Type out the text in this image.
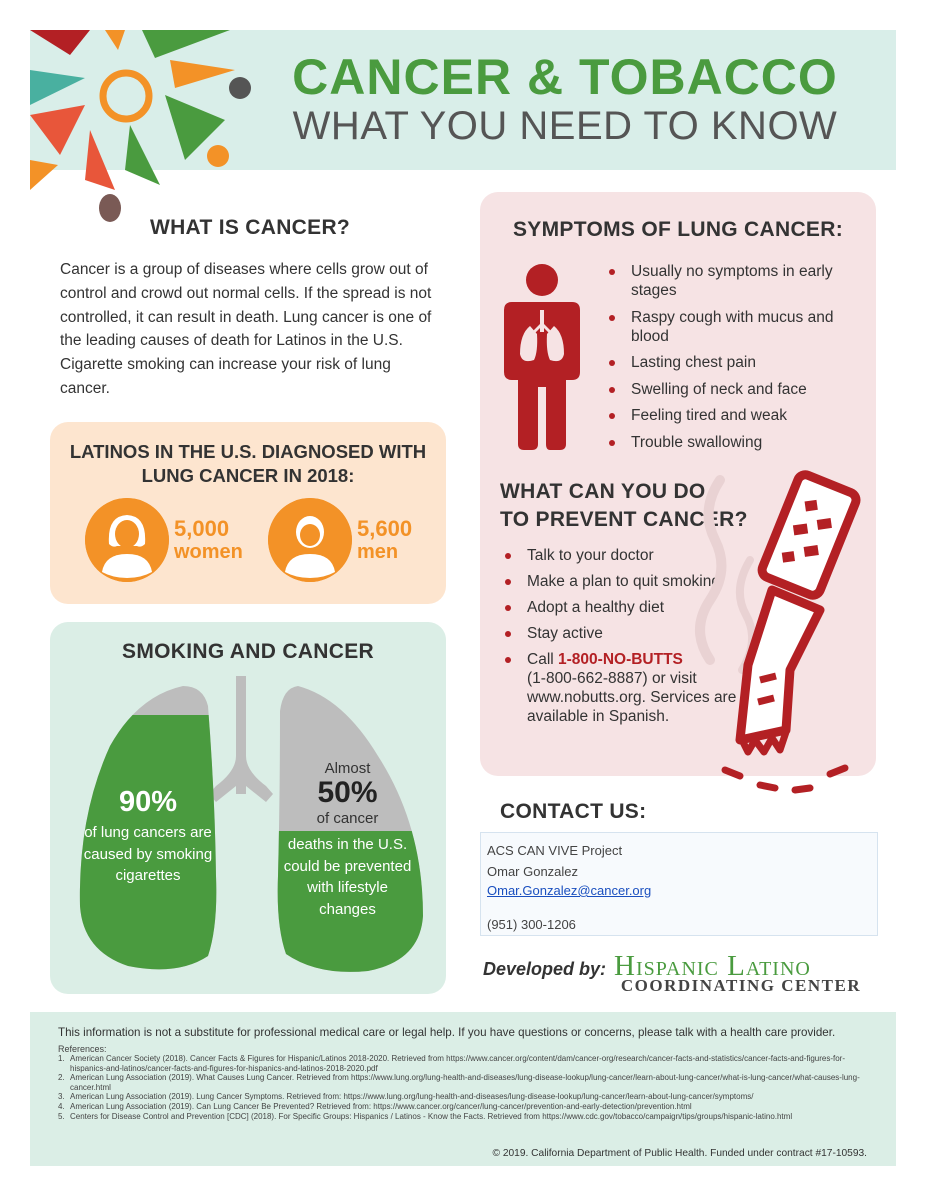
CANCER & TOBACCO
WHAT YOU NEED TO KNOW
WHAT IS CANCER?
Cancer is a group of diseases where cells grow out of control and crowd out normal cells. If the spread is not controlled, it can result in death. Lung cancer is one of the leading causes of death for Latinos in the U.S. Cigarette smoking can increase your risk of lung cancer.
LATINOS IN THE U.S. DIAGNOSED WITH LUNG CANCER IN 2018:
5,000
women
5,600
men
SMOKING AND CANCER
90%
of lung cancers are caused by smoking cigarettes
Almost
50%
of cancer
deaths in the U.S. could be prevented with lifestyle changes
SYMPTOMS OF LUNG CANCER:
Usually no symptoms in early stages
Raspy cough with mucus and blood
Lasting chest pain
Swelling of neck and face
Feeling tired and weak
Trouble swallowing
WHAT CAN YOU DO
TO PREVENT CANCER?
Talk to your doctor
Make a plan to quit smoking
Adopt a healthy diet
Stay active
Call 1-800-NO-BUTTS
(1-800-662-8887) or visit www.nobutts.org. Services are available in Spanish.
CONTACT US:
ACS CAN VIVE Project
Omar Gonzalez
Omar.Gonzalez@cancer.org
(951) 300-1206
Developed by: Hispanic Latino
COORDINATING CENTER
This information is not a substitute for professional medical care or legal help. If you have questions or concerns, please talk with a health care provider.
References:
1. American Cancer Society (2018). Cancer Facts & Figures for Hispanic/Latinos 2018-2020. Retrieved from https://www.cancer.org/content/dam/cancer-org/research/cancer-facts-and-statistics/cancer-facts-and-figures-for-hispanics-and-latinos/cancer-facts-and-figures-for-hispanics-and-latinos-2018-2020.pdf
2. American Lung Association (2019). What Causes Lung Cancer. Retrieved from https://www.lung.org/lung-health-and-diseases/lung-disease-lookup/lung-cancer/learn-about-lung-cancer/what-is-lung-cancer/what-causes-lung-cancer.html
3. American Lung Association (2019). Lung Cancer Symptoms. Retrieved from: https://www.lung.org/lung-health-and-diseases/lung-disease-lookup/lung-cancer/learn-about-lung-cancer/symptoms/
4. American Lung Association (2019). Can Lung Cancer Be Prevented? Retrieved from: https://www.cancer.org/cancer/lung-cancer/prevention-and-early-detection/prevention.html
5. Centers for Disease Control and Prevention [CDC] (2018). For Specific Groups: Hispanics / Latinos - Know the Facts. Retrieved from https://www.cdc.gov/tobacco/campaign/tips/groups/hispanic-latino.html
© 2019. California Department of Public Health. Funded under contract #17-10593.
